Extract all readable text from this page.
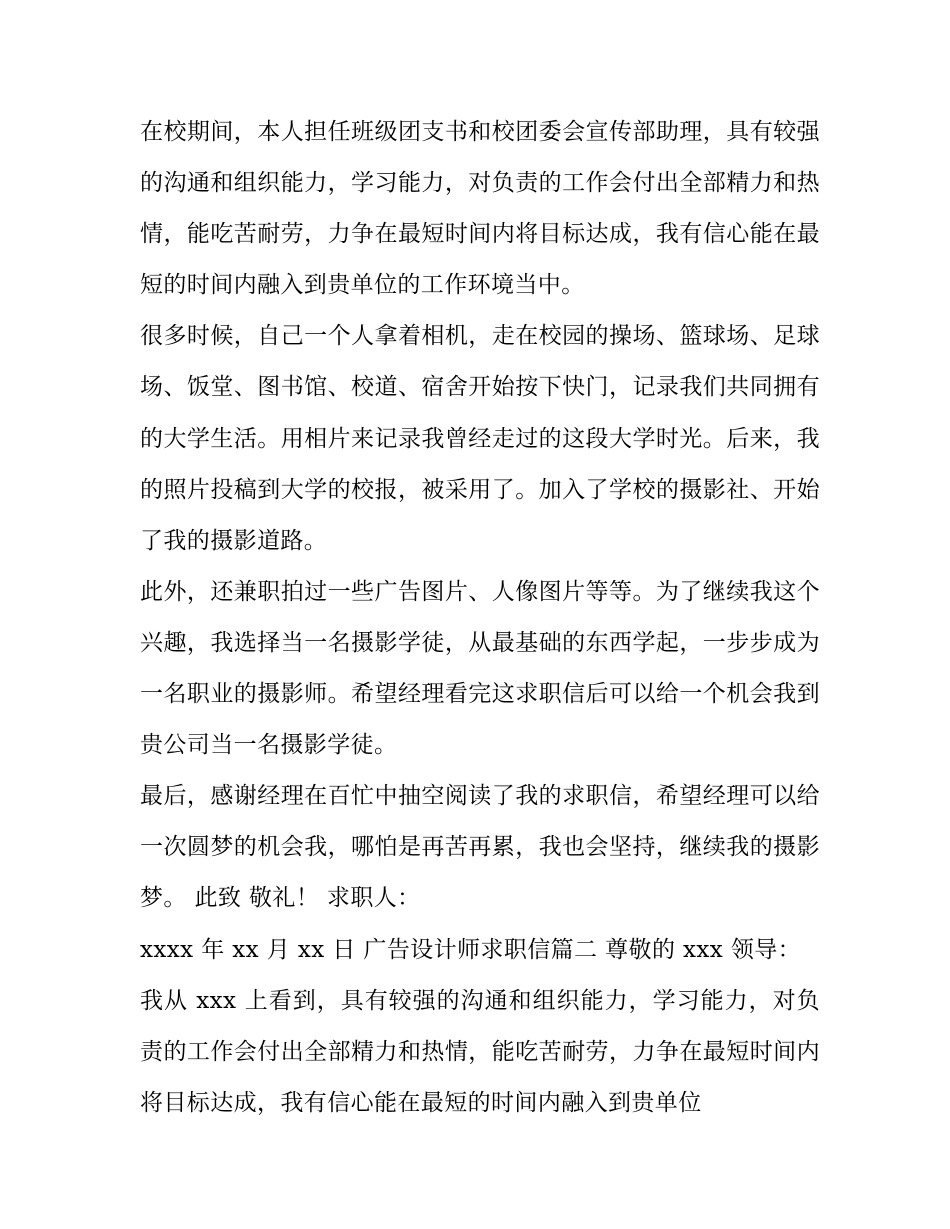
在校期间，本人担任班级团支书和校团委会宣传部助理，具有较强的沟通和组织能力，学习能力，对负责的工作会付出全部精力和热情，能吃苦耐劳，力争在最短时间内将目标达成，我有信心能在最短的时间内融入到贵单位的工作环境当中。

很多时候，自己一个人拿着相机，走在校园的操场、篮球场、足球场、饭堂、图书馆、校道、宿舍开始按下快门，记录我们共同拥有的大学生活。用相片来记录我曾经走过的这段大学时光。后来，我的照片投稿到大学的校报，被采用了。加入了学校的摄影社、开始了我的摄影道路。

此外，还兼职拍过一些广告图片、人像图片等等。为了继续我这个兴趣，我选择当一名摄影学徒，从最基础的东西学起，一步步成为一名职业的摄影师。希望经理看完这求职信后可以给一个机会我到贵公司当一名摄影学徒。

最后，感谢经理在百忙中抽空阅读了我的求职信，希望经理可以给一次圆梦的机会我，哪怕是再苦再累，我也会坚持，继续我的摄影梦。 此致 敬礼！ 求职人：

xxxx 年 xx 月 xx 日 广告设计师求职信篇二 尊敬的 xxx 领导：

我从 xxx 上看到，具有较强的沟通和组织能力，学习能力，对负责的工作会付出全部精力和热情，能吃苦耐劳，力争在最短时间内将目标达成，我有信心能在最短的时间内融入到贵单位
